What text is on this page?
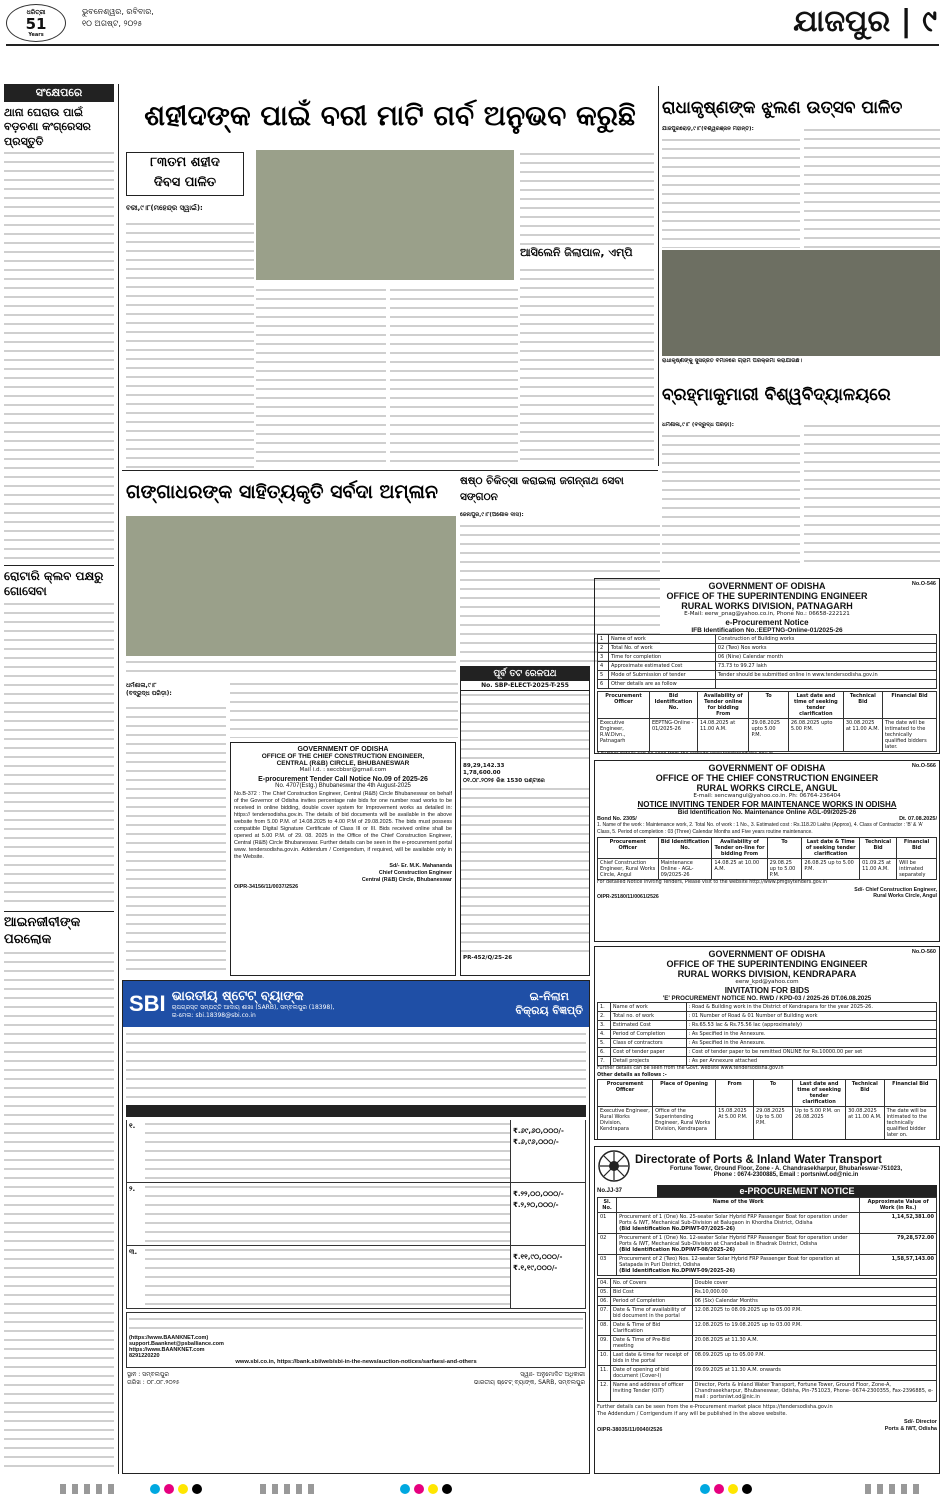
ଧରିତ୍ରୀ
51
Years
ଭୁବନେଶ୍ୱର, ରବିବାର,
୧୦ ଅଗଷ୍ଟ, ୨୦୨୫	ଯାଜପୁର | ୯
ସଂକ୍ଷେପରେ
ଥାନା ଘେରାଉ ପାଇଁ
ବଡ଼ଚଣା କଂଗ୍ରେସର ପ୍ରସ୍ତୁତି
ରୋଟାରି କ୍ଲବ ପକ୍ଷରୁ
ଗୋସେବା
ଆଇନଜୀବୀଙ୍କ
ପରଲୋକ
ଶହୀଦଙ୍କ ପାଇଁ ବରୀ ମାଟି ଗର୍ବ ଅନୁଭବ କରୁଛି
୮୩ତମ ଶହୀଦ
ଦିବସ ପାଳିତ
ବରୀ,୯।୮(ମହେନ୍ଦ୍ର ସ୍ୱାଇଁ):
ଆସିଲେନି ଜିଲାପାଳ, ଏମ୍‌ପି
ରାଧାକୃଷ୍ଣଙ୍କ ଝୁଲଣ ଉତ୍ସବ ପାଳିତ
ଯାଜପୁରରୋଡ଼,୯।୮(ବିଶ୍ୱରଞ୍ଜନ ମହାନ୍ତି):
ରାଧାକୃଷ୍ଣଙ୍କୁ ସୁସଜ୍ଜିତ ବିମାନରେ ଗ୍ରାମ ପରିକ୍ରମା କରାଯାଉଛି।
ବ୍ରହ୍ମାକୁମାରୀ ବିଶ୍ୱବିଦ୍ୟାଳୟରେ
ଧର୍ମଶାଳା,୯।୮ (ବଦ୍ରୁଦ୍ଧ ପରିଡ଼ା):
ଗଙ୍ଗାଧରଙ୍କ ସାହିତ୍ୟକୃତି ସର୍ବଦା ଅମ୍ଳାନ
ଧର୍ମଶାଳା,୯।୮
(ବଦ୍ରୁଦ୍ଧ ପରିଡ଼ା):
ଷଷ୍ଠ ଚିକିତ୍ସା କରାଇଲା ଜଗନ୍ନାଥ ସେବା ସଙ୍ଗଠନ
ଜେନାପୁର,୯।୮(ଅଶୋକ ଦାସ):
ପୂର୍ବ ତଟ ରେଳପଥ
No. SBP-ELECT-2025-T-255
89,29,142.33
1,78,600.00
୦୧.୦୮.୨୦୨୫ ରିଖ 1530 ଘଣ୍ଟାରେ
PR-452/Q/25-26
GOVERNMENT OF ODISHA
OFFICE OF THE CHIEF CONSTRUCTION ENGINEER,
CENTRAL (R&B) CIRCLE, BHUBANESWAR
Mail i.d. : seccbbsr@gmail.com
E-procurement Tender Call Notice No.09 of 2025-26
No. 4707(Estg.) Bhubaneswar the 4th August-2025
No.B-372 : The Chief Construction Engineer, Central (R&B) Circle Bhubaneswar on behalf of the Governor of Odisha invites percentage rate bids for one number road works to be received in online bidding, double cover system for Improvement works as detailed in: https:// tendersodisha.gov.in. The details of bid documents will be available in the above website from 5.00 P.M. of 14.08.2025 to 4.00 P.M of 29.08.2025. The bids must possess compatible Digital Signature Certificate of Class III or III. Bids received online shall be opened at 5.00 P.M. of 29. 08. 2025 in the Office of the Chief Construction Engineer, Central (R&B) Circle Bhubaneswar. Further details can be seen in the e-procurement portal www. tendersodisha.gov.in. Addendum / Corrigendum, if required, will be available only in the Website.
Sd/- Er. M.K. Mahananda
Chief Construction Engineer
Central (R&B) Circle, Bhubaneswar
OIPR-34156/11/0037/2526
No.O-546
GOVERNMENT OF ODISHA
OFFICE OF THE SUPERINTENDING ENGINEER
RURAL WORKS DIVISION, PATNAGARH
E-Mail: eerw_pnag@yahoo.co.in, Phone No.: 06658-222121
e-Procurement Notice
IFB Identification No.:EEPTNG-Online-01/2025-26
1	Name of work	Construction of Building works
2	Total No. of work	02 (Two) Nos works
3	Time for completion	06 (Nine) Calendar month
4	Approximate estimated Cost	73.73 to 99.27 lakh
5	Mode of Submission of tender	Tender should be submitted online in www.tendersodisha.gov.in
6	Other details are as follow	
Procurement Officer	Bid Identification No.	Availability of Tender online for bidding From	To	Last date and time of seeking tender clarification	Technical Bid	Financial Bid
Executive Engineer, R.W.Divn., Patnagarh	EEPTNG-Online - 01/2025-26	14.08.2025 at 11.00 A.M.	29.08.2025 upto 5.00 P.M.	26.08.2025 upto 5.00 P.M.	30.08.2025 at 11.00 A.M.	The date will be intimated to the technically qualified bidders later.
No.O-566
GOVERNMENT OF ODISHA
OFFICE OF THE CHIEF CONSTRUCTION ENGINEER
RURAL WORKS CIRCLE, ANGUL
E-mail: sencwangul@yahoo.co.in. Ph: 06764-236404
NOTICE INVITING TENDER FOR MAINTENANCE WORKS IN ODISHA
Bid Identification No. Maintenance Online AGL-09/2025-26
Bond No. 2305/	Dt. 07.08.2025/
1. Name of the work : Maintenance work, 2. Total No. of work : 1 No., 3. Estimated cost : Rs.118.20 Lakhs (Approx), 4. Class of Contractor : 'B' & 'A' Class, 5. Period of completion : 03 (Three) Calendar Months and Five years routine maintenance.
Procurement Officer	Bid Identification No.	Availability of Tender on-line for bidding From	To	Last date & Time of seeking tender clarification	Technical Bid	Financial Bid
Chief Construction Engineer, Rural Works Circle, Angul	Maintenance Online - AGL-09/2025-26	14.08.25 at 10.00 A.M.	29.08.25 up to 5.00 P.M.	26.08.25 up to 5.00 P.M.	01.09.25 at 11.00 A.M.	Will be intimated separately
For detailed Notice inviting Tenders, Please visit to the website http://www.pmgsytenders.gov.in
OIPR-25180/11/0061/2526
Sd/- Chief Construction Engineer,
Rural Works Circle, Angul
No.O-560
GOVERNMENT OF ODISHA
OFFICE OF THE SUPERINTENDING ENGINEER
RURAL WORKS DIVISION, KENDRAPARA
eerw_kpd@yahoo.com
INVITATION FOR BIDS
'E' PROCUREMENT NOTICE NO. RWD / KPD-03 / 2025-26 DT.06.08.2025
1.	Name of work	: Road & Building work in the District of Kendrapara for the year 2025-26.
2.	Total no. of work	: 01 Number of Road & 01 Number of Building work
3.	Estimated Cost	: Rs.65.53 lac & Rs.75.56 lac (approximately)
4.	Period of Completion	: As Specified in the Annexure.
5.	Class of contractors	: As Specified in the Annexure.
6.	Cost of tender paper	: Cost of tender paper to be remitted ONLINE for Rs.10000.00 per set
7.	Detail projects	: As per Annexure attached
Further details can be seen from the Govt. website www.tendersodisha.gov.in
Other details as follows :-
Procurement Officer	Place of Opening	From	To	Last date and time of seeking tender clarification	Technical Bid	Financial Bid
Executive Engineer, Rural Works Division, Kendrapara	Office of the Superintending Engineer, Rural Works Division, Kendrapara	15.08.2025 At 5.00 P.M.	29.08.2025 Up to 5.00 P.M.	Up to 5.00 P.M. on 26.08.2025	30.08.2025 at 11.00 A.M.	The date will be intimated to the technically qualified bidder later on.
Directorate of Ports & Inland Water Transport
Fortune Tower, Ground Floor, Zone - A. Chandrasekharpur, Bhubaneswar-751023,
Phone : 0674-2300885, Email : portsniwt.od@nic.in
No.JJ-37	e-PROCUREMENT NOTICE
Sl. No.	Name of the Work	Approximate Value of Work (in Rs.)
01	Procurement of 1 (One) No. 25-seater Solar Hybrid FRP Passenger Boat for operation under Ports & IWT, Mechanical Sub-Division at Balugaon in Khordha District, Odisha
(Bid Identification No.DPIWT-07/2025-26)	1,14,52,381.00
02	Procurement of 1 (One) No. 12-seater Solar Hybrid FRP Passenger Boat for operation under Ports & IWT, Mechanical Sub-Division at Chandabali in Bhadrak District, Odisha
(Bid Identification No.DPIWT-08/2025-26)	79,28,572.00
03	Procurement of 2 (Two) Nos. 12-seater Solar Hybrid FRP Passenger Boat for operation at Satapada in Puri District, Odisha
(Bid Identification No.DPIWT-09/2025-26)	1,58,57,143.00
04.	No. of Covers	Double cover
05.	Bid Cost	Rs.10,000.00
06.	Period of Completion	06 (Six) Calendar Months
07.	Date & Time of availability of bid document in the portal	12.08.2025 to 08.09.2025 up to 05.00 P.M.
08.	Date & Time of Bid Clarification	12.08.2025 to 19.08.2025 up to 03.00 P.M.
09.	Date & Time of Pre-Bid meeting	20.08.2025 at 11.30 A.M.
10.	Last date & time for receipt of bids in the portal	08.09.2025 up to 05.00 P.M.
11.	Date of opening of bid document (Cover-I)	09.09.2025 at 11.30 A.M. onwards
12.	Name and address of officer inviting Tender (OIT)	Director, Ports & Inland Water Transport, Fortune Tower, Ground Floor, Zone-A, Chandrasekharpur, Bhubaneswar, Odisha, Pin-751023, Phone- 0674-2300355, Fax-2396885, e-mail : portsniwt.od@nic.in
Further details can be seen from the e-Procurement market place https://tendersodisha.gov.in
The Addendum / Corrigendum if any will be published in the above website.
OIPR-38035/11/0040/2526
Sd/- Director
Ports & IWT, Odisha
SBI ଭାରତୀୟ ଷ୍ଟେଟ୍ ବ୍ୟାଙ୍କ
ଚାପଗ୍ରସ୍ତ ସମ୍ପତ୍ତି ଆଦାୟ ଶାଖା (SARB), ସମ୍ବଲପୁର (18398),
ଇ-ମେଲ: sbi.18398@sbi.co.in
ଇ-ନିଲାମ
ବିକ୍ରୟ ବିଜ୍ଞପ୍ତି
୧.
₹.୬୯,୬୦,୦୦୦/-
₹.୬,୯୬,୦୦୦/-
୨.
₹.୨୨,୦୦,୦୦୦/-
₹.୨,୨୦,୦୦୦/-
୩.
₹.୧୧,୯୦,୦୦୦/-
₹.୧,୧୯,୦୦୦/-
(https://www.BAANKNET.com)
support.Baanknet@psballiance.com
https://www.BAANKNET.com
8291220220
www.sbi.co.in, https://bank.sbi/web/sbi-in-the-news/auction-notices/sarfaesi-and-others
ସ୍ଥାନ : ସମ୍ବଲପୁର
ତାରିଖ : ୦୮.୦୮.୨୦୨୫
ସ୍ୱାଃ- ଅନୁମୋଦିତ ଅଧିକାରୀ
ଭାରତୀୟ ଷ୍ଟେଟ୍ ବ୍ୟାଙ୍କ, SARB, ସମ୍ବଲପୁର
